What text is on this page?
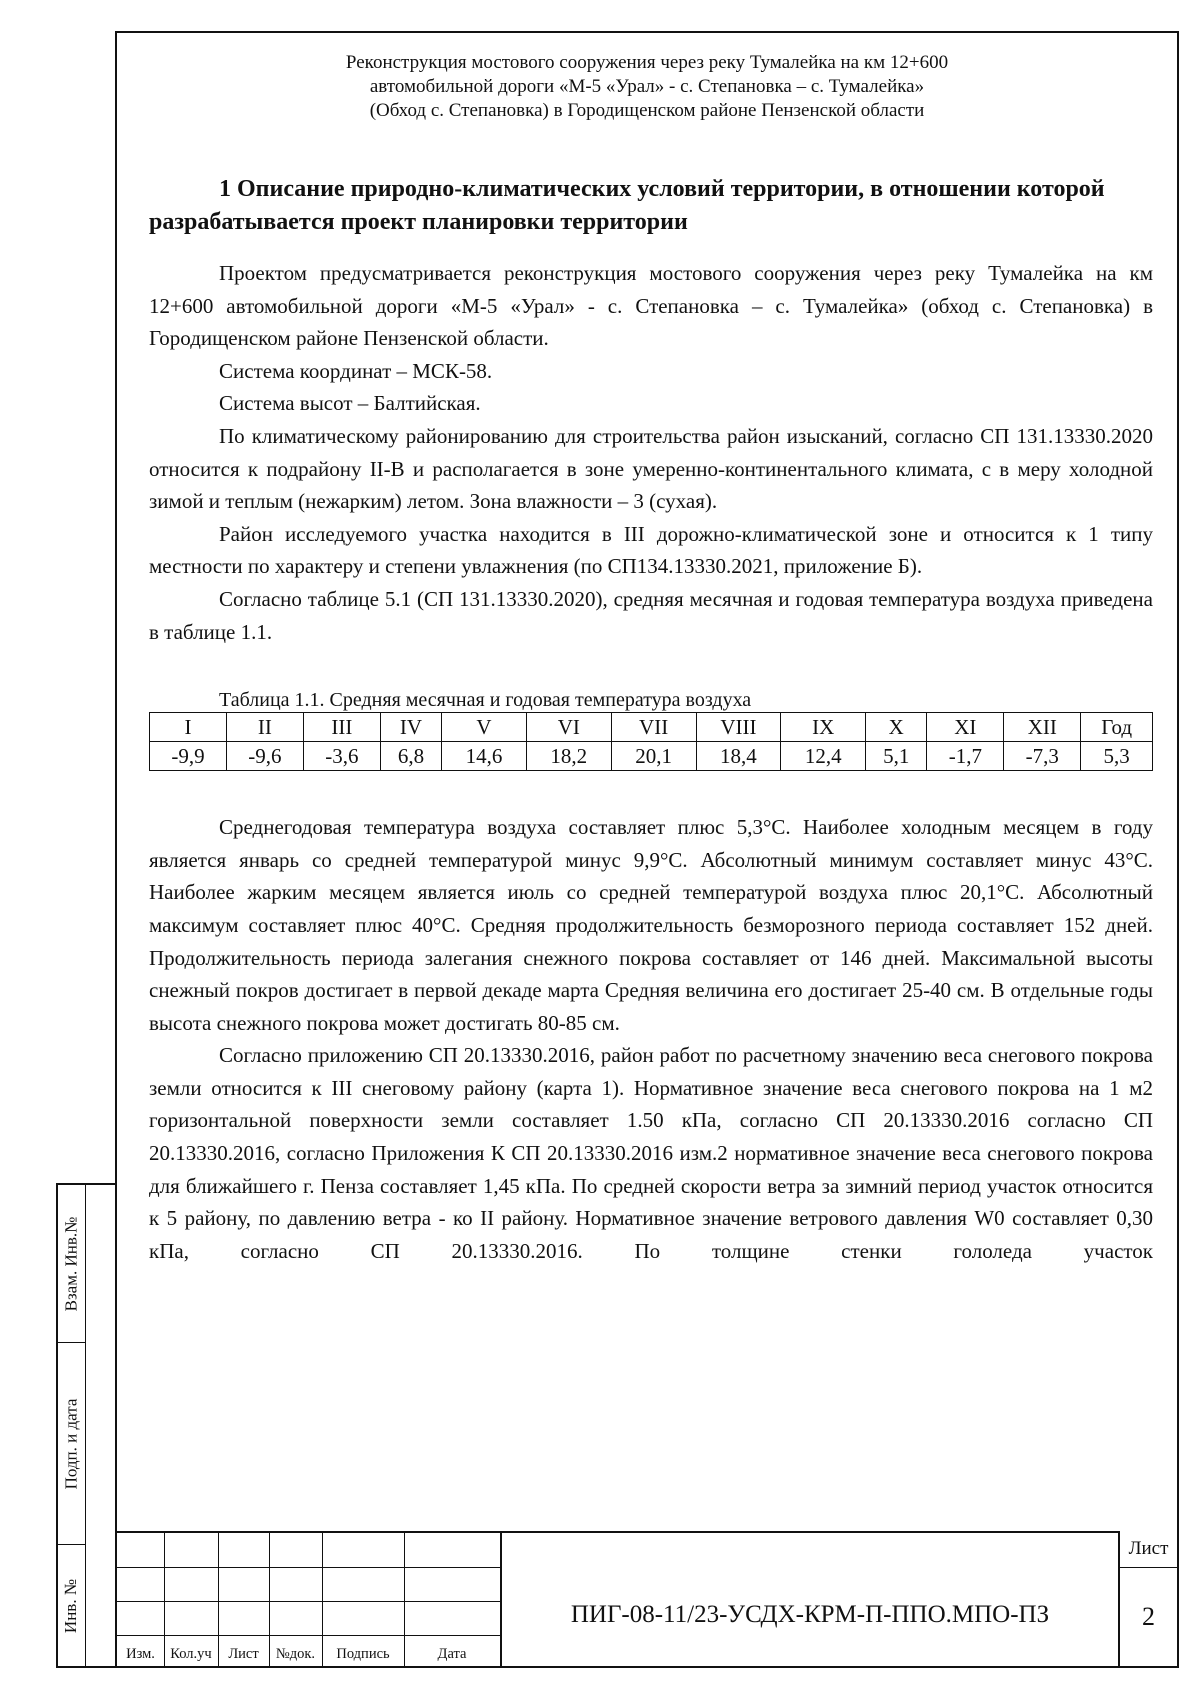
Взам. Инв.№
Подп. и дата
Инв. №
Реконструкция мостового сооружения через реку Тумалейка на км 12+600
автомобильной дороги «М-5 «Урал» - с. Степановка – с. Тумалейка»
(Обход с. Степановка) в Городищенском районе Пензенской области
1 Описание природно-климатических условий территории, в отношении которой разрабатывается проект планировки территории

Проектом предусматривается реконструкция мостового сооружения через реку Тумалейка на км 12+600 автомобильной дороги «М-5 «Урал» - с. Степановка – с. Тумалейка» (обход с. Степановка) в Городищенском районе Пензенской области.

Система координат – МСК-58.

Система высот – Балтийская.

По климатическому районированию для строительства район изысканий, согласно СП 131.13330.2020 относится к подрайону II-В и располагается в зоне умеренно-континентального климата, с в меру холодной зимой и теплым (нежарким) летом. Зона влажности – 3 (сухая).

Район исследуемого участка находится в III дорожно-климатической зоне и относится к 1 типу местности по характеру и степени увлажнения (по СП134.13330.2021, приложение Б).

Согласно таблице 5.1 (СП 131.13330.2020), средняя месячная и годовая температура воздуха приведена в таблице 1.1.

Таблица 1.1. Средняя месячная и годовая температура воздуха
I	II	III	IV	V	VI	VII	VIII	IX	X	XI	XII	Год
-9,9	-9,6	-3,6	6,8	14,6	18,2	20,1	18,4	12,4	5,1	-1,7	-7,3	5,3

Среднегодовая температура воздуха составляет плюс 5,3°С. Наиболее холодным месяцем в году является январь со средней температурой минус 9,9°С. Абсолютный минимум составляет минус 43°С. Наиболее жарким месяцем является июль со средней температурой воздуха плюс 20,1°С. Абсолютный максимум составляет плюс 40°С. Средняя продолжительность безморозного периода составляет 152 дней. Продолжительность периода залегания снежного покрова составляет от 146 дней. Максимальной высоты снежный покров достигает в первой декаде марта Средняя величина его достигает 25-40 см. В отдельные годы высота снежного покрова может достигать 80-85 см.

Согласно приложению СП 20.13330.2016, район работ по расчетному значению веса снегового покрова земли относится к III снеговому району (карта 1). Нормативное значение веса снегового покрова на 1 м2 горизонтальной поверхности земли составляет 1.50 кПа, согласно СП 20.13330.2016 согласно СП 20.13330.2016, согласно Приложения К СП 20.13330.2016 изм.2 нормативное значение веса снегового покрова для ближайшего г. Пенза составляет 1,45 кПа. По средней скорости ветра за зимний период участок относится к 5 району, по давлению ветра - ко II району. Нормативное значение ветрового давления W0 составляет 0,30 кПа, согласно СП 20.13330.2016. По толщине стенки гололеда участок

Изм.	Кол.уч	Лист	№док.	Подпись	Дата
ПИГ-08-11/23-УСДХ-КРМ-П-ППО.МПО-ПЗ
Лист
2
